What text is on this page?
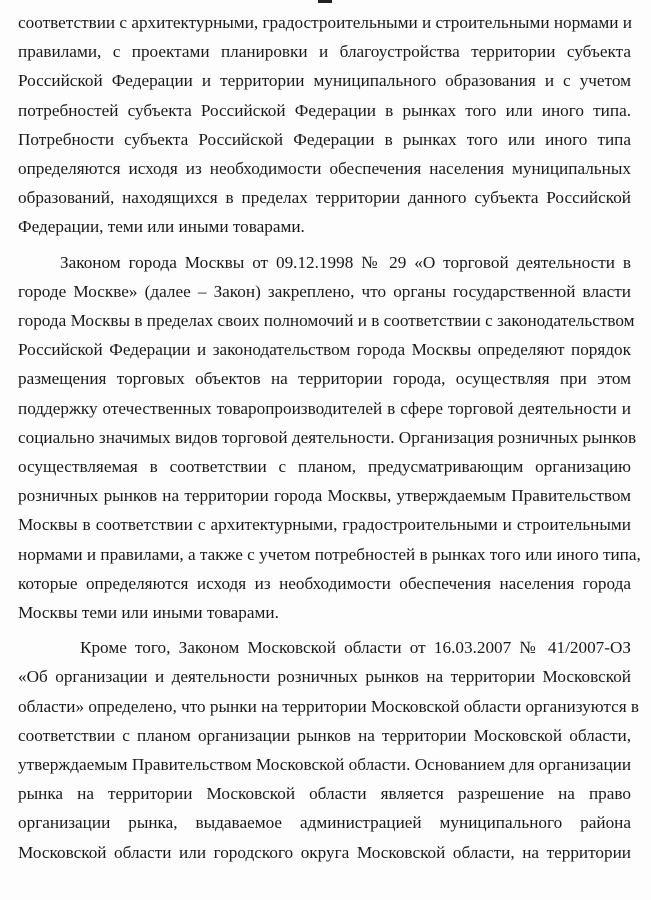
соответствии с архитектурными, градостроительными и строительными нормами и
правилами, с проектами планировки и благоустройства территории субъекта
Российской Федерации и территории муниципального образования и с учетом
потребностей субъекта Российской Федерации в рынках того или иного типа.
Потребности субъекта Российской Федерации в рынках того или иного типа
определяются исходя из необходимости обеспечения населения муниципальных
образований, находящихся в пределах территории данного субъекта Российской
Федерации, теми или иными товарами.
Законом города Москвы от 09.12.1998 № 29 «О торговой деятельности в
городе Москве» (далее – Закон) закреплено, что органы государственной власти
города Москвы в пределах своих полномочий и в соответствии с законодательством
Российской Федерации и законодательством города Москвы определяют порядок
размещения торговых объектов на территории города, осуществляя при этом
поддержку отечественных товаропроизводителей в сфере торговой деятельности и
социально значимых видов торговой деятельности. Организация розничных рынков
осуществляемая в соответствии с планом, предусматривающим организацию
розничных рынков на территории города Москвы, утверждаемым Правительством
Москвы в соответствии с архитектурными, градостроительными и строительными
нормами и правилами, а также с учетом потребностей в рынках того или иного типа,
которые определяются исходя из необходимости обеспечения населения города
Москвы теми или иными товарами.
Кроме того, Законом Московской области от 16.03.2007 № 41/2007-ОЗ
«Об организации и деятельности розничных рынков на территории Московской
области» определено, что рынки на территории Московской области организуются в
соответствии с планом организации рынков на территории Московской области,
утверждаемым Правительством Московской области. Основанием для организации
рынка на территории Московской области является разрешение на право
организации рынка, выдаваемое администрацией муниципального района
Московской области или городского округа Московской области, на территории
